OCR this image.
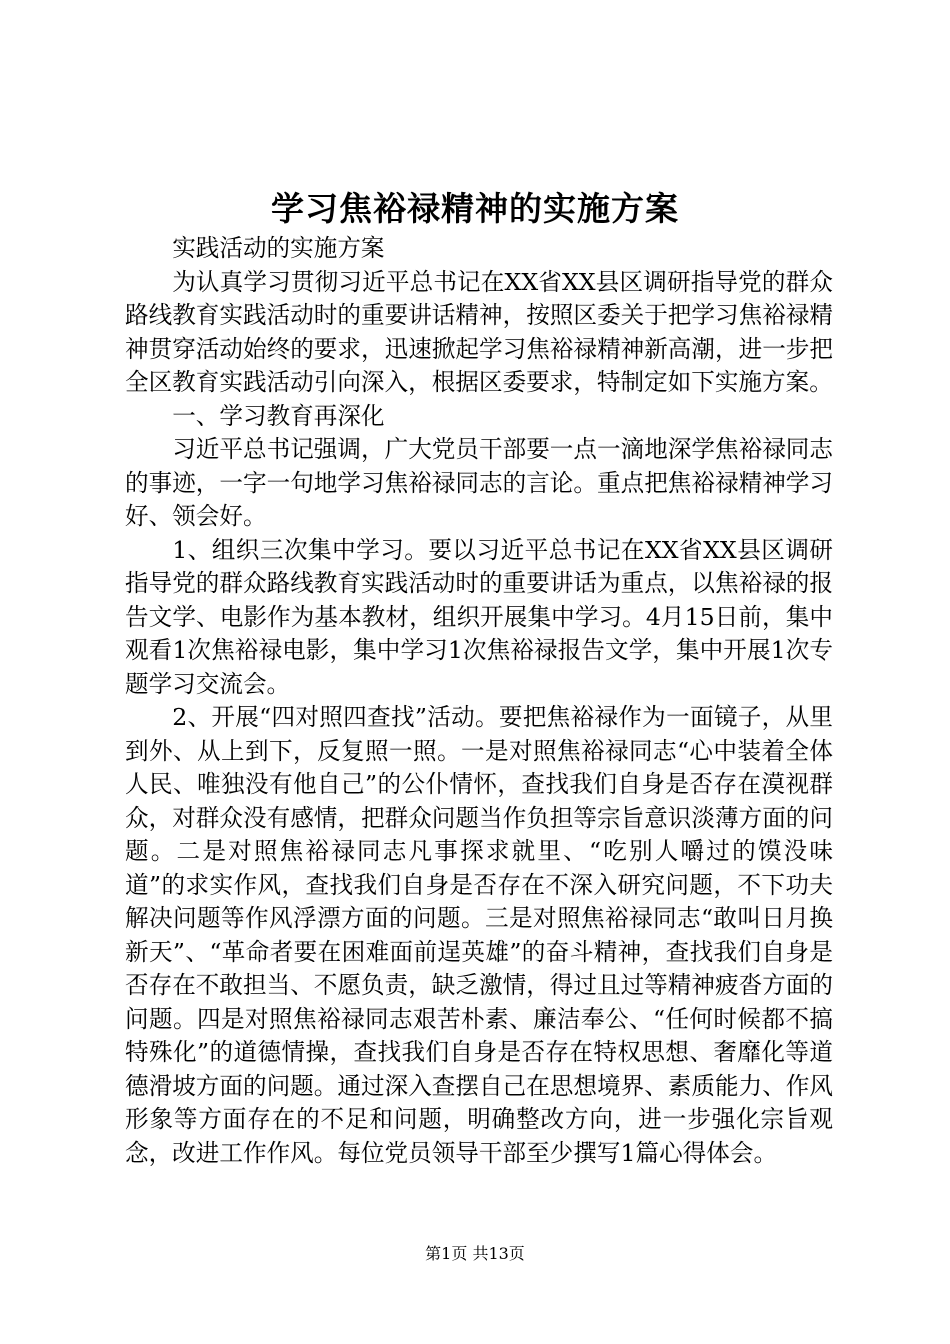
学习焦裕禄精神的实施方案

实践活动的实施方案

为认真学习贯彻习近平总书记在XX省XX县区调研指导党的群众路线教育实践活动时的重要讲话精神，按照区委关于把学习焦裕禄精神贯穿活动始终的要求，迅速掀起学习焦裕禄精神新高潮，进一步把全区教育实践活动引向深入，根据区委要求，特制定如下实施方案。

一、学习教育再深化

习近平总书记强调，广大党员干部要一点一滴地深学焦裕禄同志的事迹，一字一句地学习焦裕禄同志的言论。重点把焦裕禄精神学习好、领会好。

1、组织三次集中学习。要以习近平总书记在XX省XX县区调研指导党的群众路线教育实践活动时的重要讲话为重点，以焦裕禄的报告文学、电影作为基本教材，组织开展集中学习。4月15日前，集中观看1次焦裕禄电影，集中学习1次焦裕禄报告文学，集中开展1次专题学习交流会。

2、开展“四对照四查找”活动。要把焦裕禄作为一面镜子，从里到外、从上到下，反复照一照。一是对照焦裕禄同志“心中装着全体人民、唯独没有他自己”的公仆情怀，查找我们自身是否存在漠视群众，对群众没有感情，把群众问题当作负担等宗旨意识淡薄方面的问题。二是对照焦裕禄同志凡事探求就里、“吃别人嚼过的馍没味道”的求实作风，查找我们自身是否存在不深入研究问题，不下功夫解决问题等作风浮漂方面的问题。三是对照焦裕禄同志“敢叫日月换新天”、“革命者要在困难面前逞英雄”的奋斗精神，查找我们自身是否存在不敢担当、不愿负责，缺乏激情，得过且过等精神疲沓方面的问题。四是对照焦裕禄同志艰苦朴素、廉洁奉公、“任何时候都不搞特殊化”的道德情操，查找我们自身是否存在特权思想、奢靡化等道德滑坡方面的问题。通过深入查摆自己在思想境界、素质能力、作风形象等方面存在的不足和问题，明确整改方向，进一步强化宗旨观念，改进工作作风。每位党员领导干部至少撰写1篇心得体会。

第1页 共13页
